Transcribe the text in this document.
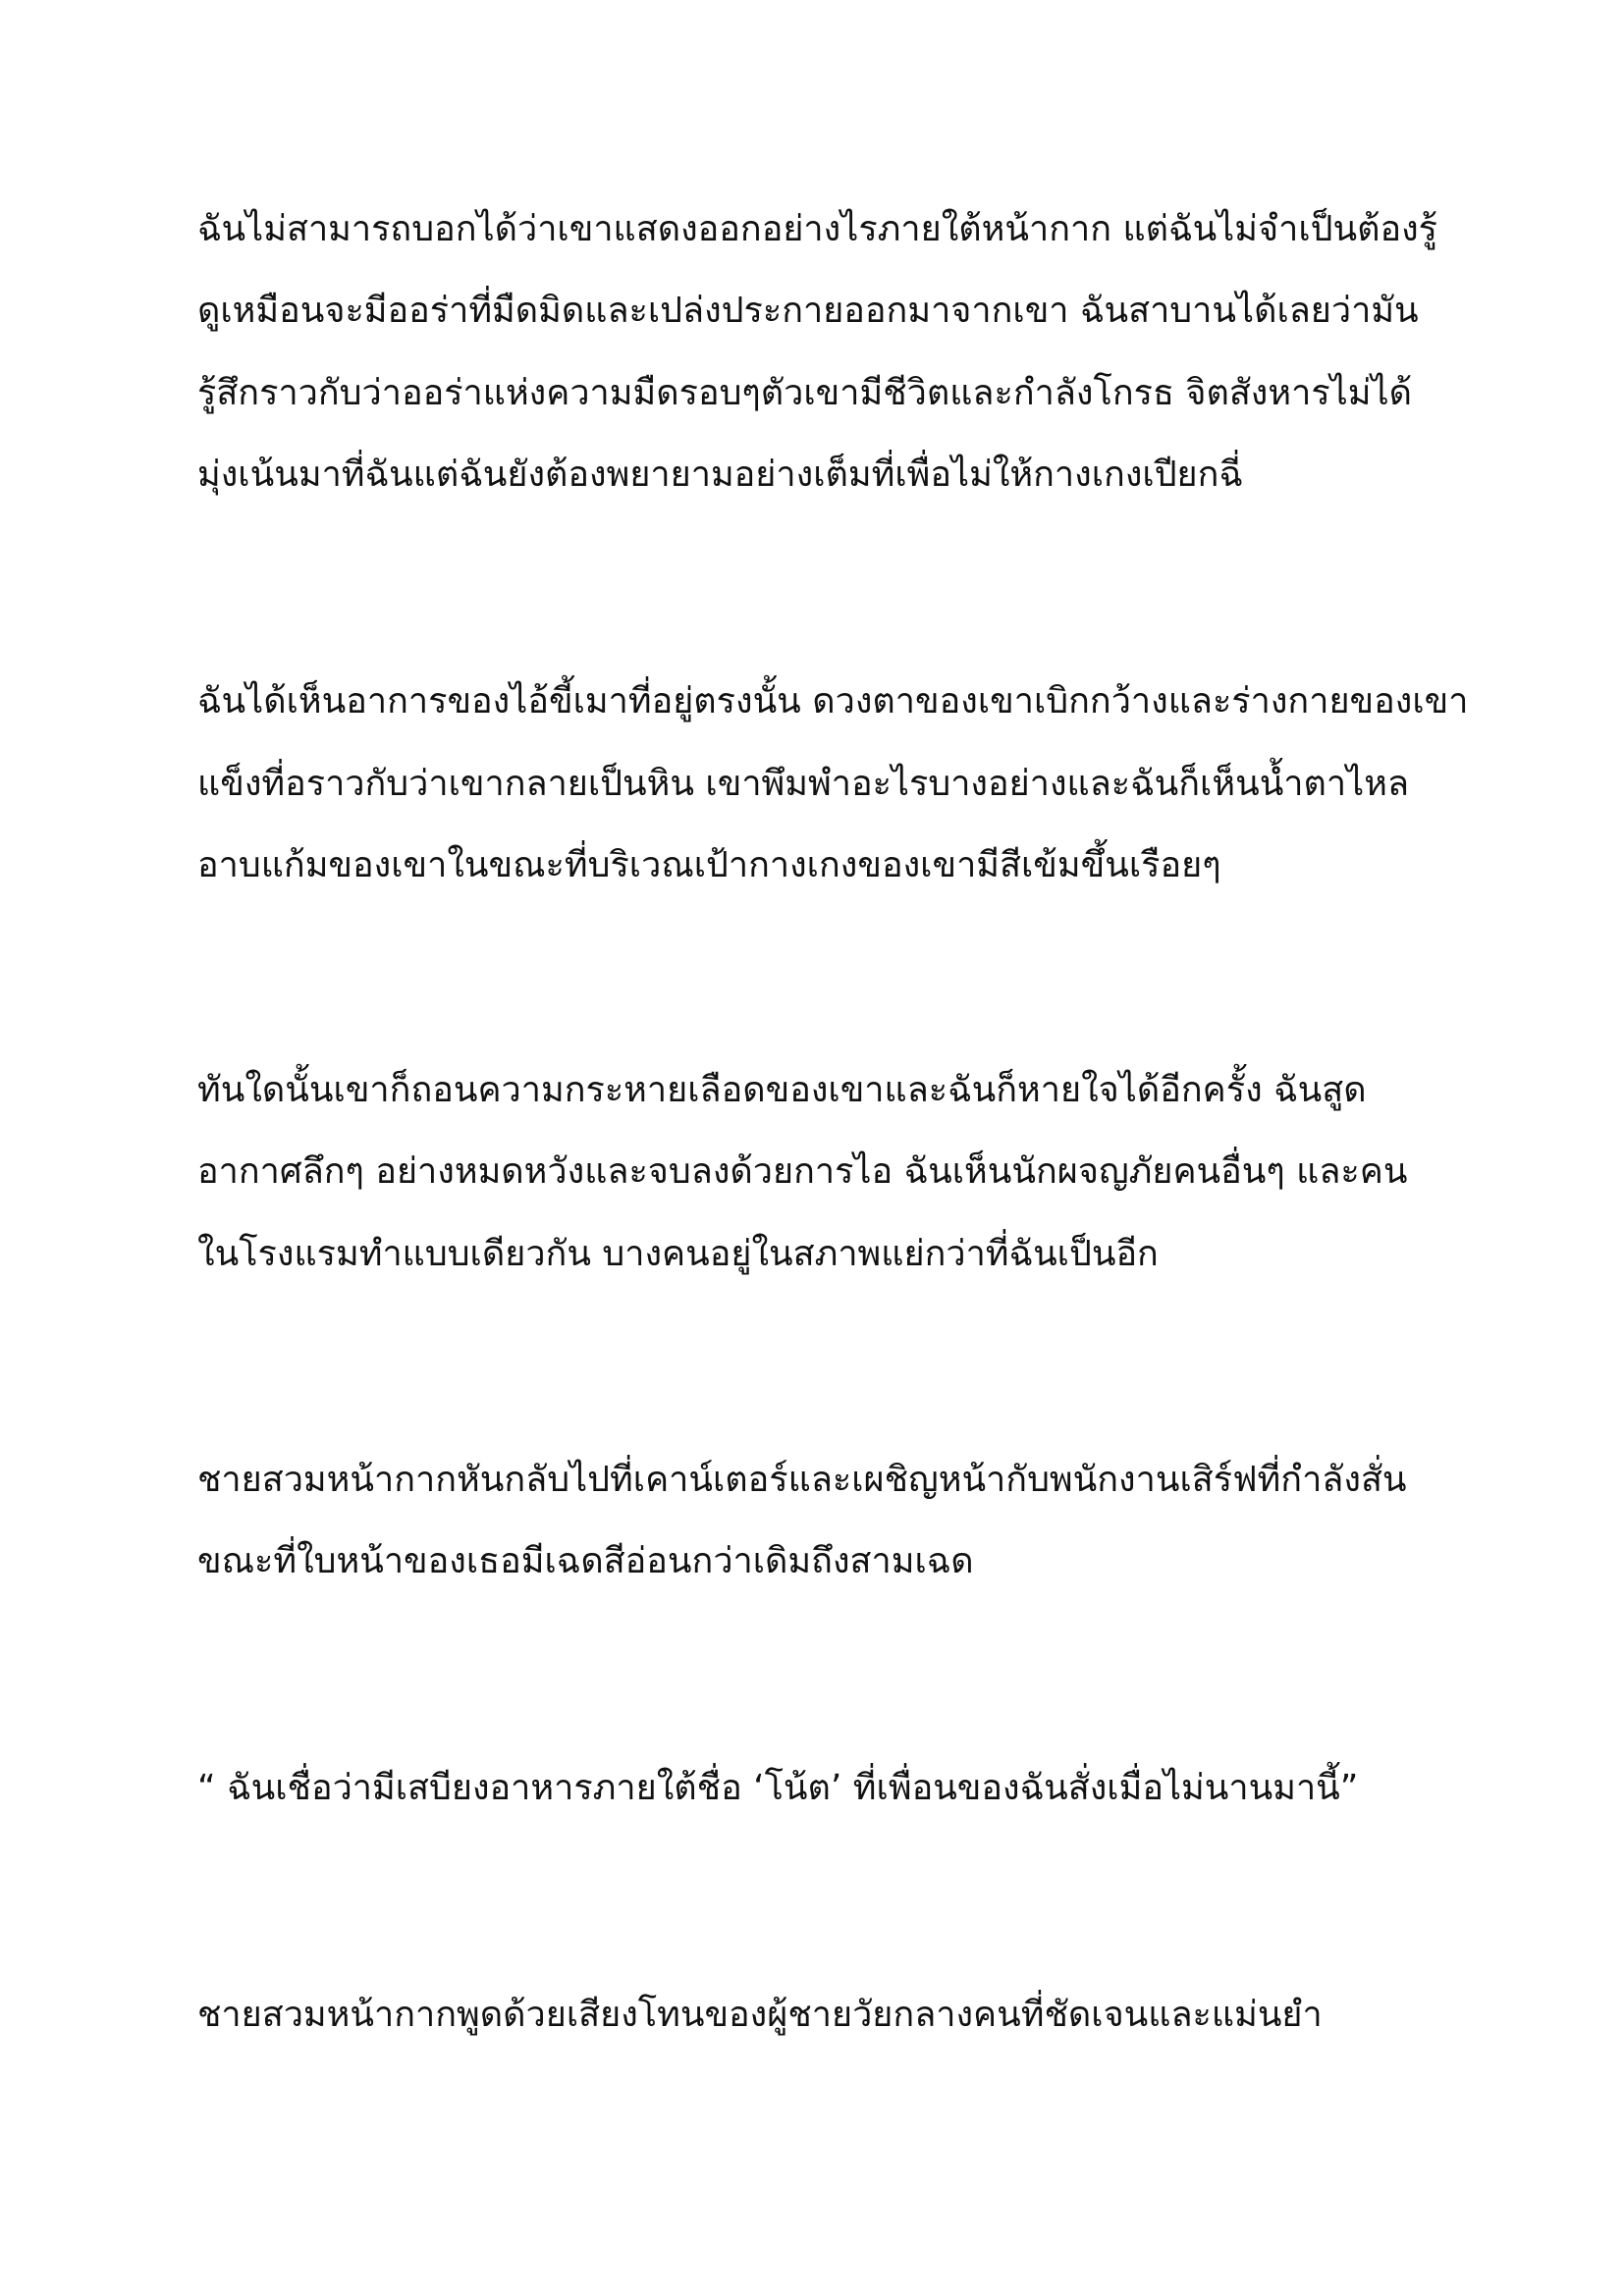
ฉันไม่สามารถบอกได้ว่าเขาแสดงออกอย่างไรภายใต้หน้ากาก แต่ฉันไม่จำเป็นต้องรู้
ดูเหมือนจะมีออร่าที่มืดมิดและเปล่งประกายออกมาจากเขา ฉันสาบานได้เลยว่ามัน
รู้สึกราวกับว่าออร่าแห่งความมืดรอบๆตัวเขามีชีวิตและกำลังโกรธ จิตสังหารไม่ได้
มุ่งเน้นมาที่ฉันแต่ฉันยังต้องพยายามอย่างเต็มที่เพื่อไม่ให้กางเกงเปียกฉี่
ฉันได้เห็นอาการของไอ้ขี้เมาที่อยู่ตรงนั้น ดวงตาของเขาเบิกกว้างและร่างกายของเขา
แข็งที่อราวกับว่าเขากลายเป็นหิน เขาพึมพำอะไรบางอย่างและฉันก็เห็นน้ำตาไหล
อาบแก้มของเขาในขณะที่บริเวณเป้ากางเกงของเขามีสีเข้มขึ้นเรือยๆ
ทันใดนั้นเขาก็ถอนความกระหายเลือดของเขาและฉันก็หายใจได้อีกครั้ง ฉันสูด
อากาศลึกๆ อย่างหมดหวังและจบลงด้วยการไอ ฉันเห็นนักผจญภัยคนอื่นๆ และคน
ในโรงแรมทำแบบเดียวกัน บางคนอยู่ในสภาพแย่กว่าที่ฉันเป็นอีก
ชายสวมหน้ากากหันกลับไปที่เคาน์เตอร์และเผชิญหน้ากับพนักงานเสิร์ฟที่กำลังสั่น
ขณะที่ใบหน้าของเธอมีเฉดสีอ่อนกว่าเดิมถึงสามเฉด
“ ฉันเชื่อว่ามีเสบียงอาหารภายใต้ชื่อ ‘โน้ต’ ที่เพื่อนของฉันสั่งเมื่อไม่นานมานี้”
ชายสวมหน้ากากพูดด้วยเสียงโทนของผู้ชายวัยกลางคนที่ชัดเจนและแม่นยำ
